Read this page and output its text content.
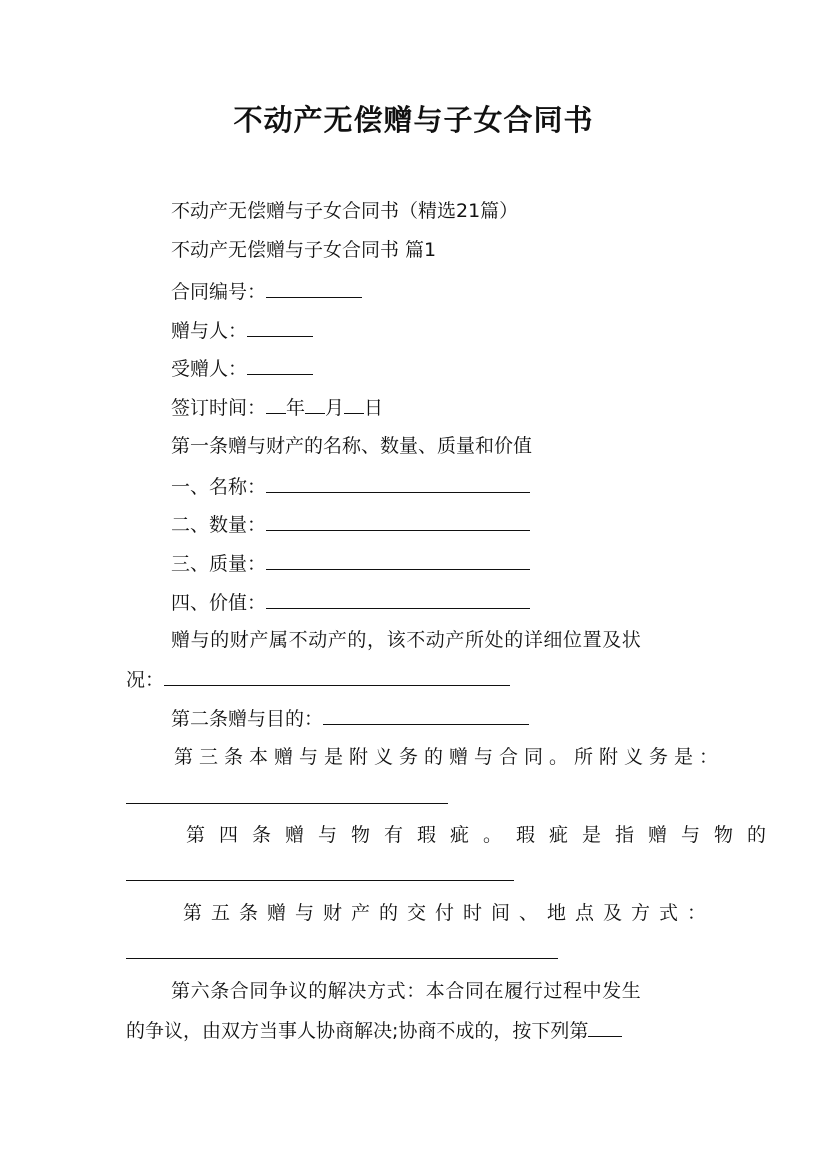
不动产无偿赠与子女合同书
不动产无偿赠与子女合同书（精选21篇）
不动产无偿赠与子女合同书 篇1
合同编号：
赠与人：
受赠人：
签订时间： 年 月 日
第一条赠与财产的名称、数量、质量和价值
一、名称：
二、数量：
三、质量：
四、价值：
赠与的财产属不动产的，该不动产所处的详细位置及状
况：
第二条赠与目的：
第三条本赠与是附义务的赠与合同。所附义务是：
第四条赠与物有瑕疵。瑕疵是指赠与物的
第五条赠与财产的交付时间、地点及方式：
第六条合同争议的解决方式：本合同在履行过程中发生
的争议，由双方当事人协商解决;协商不成的，按下列第
